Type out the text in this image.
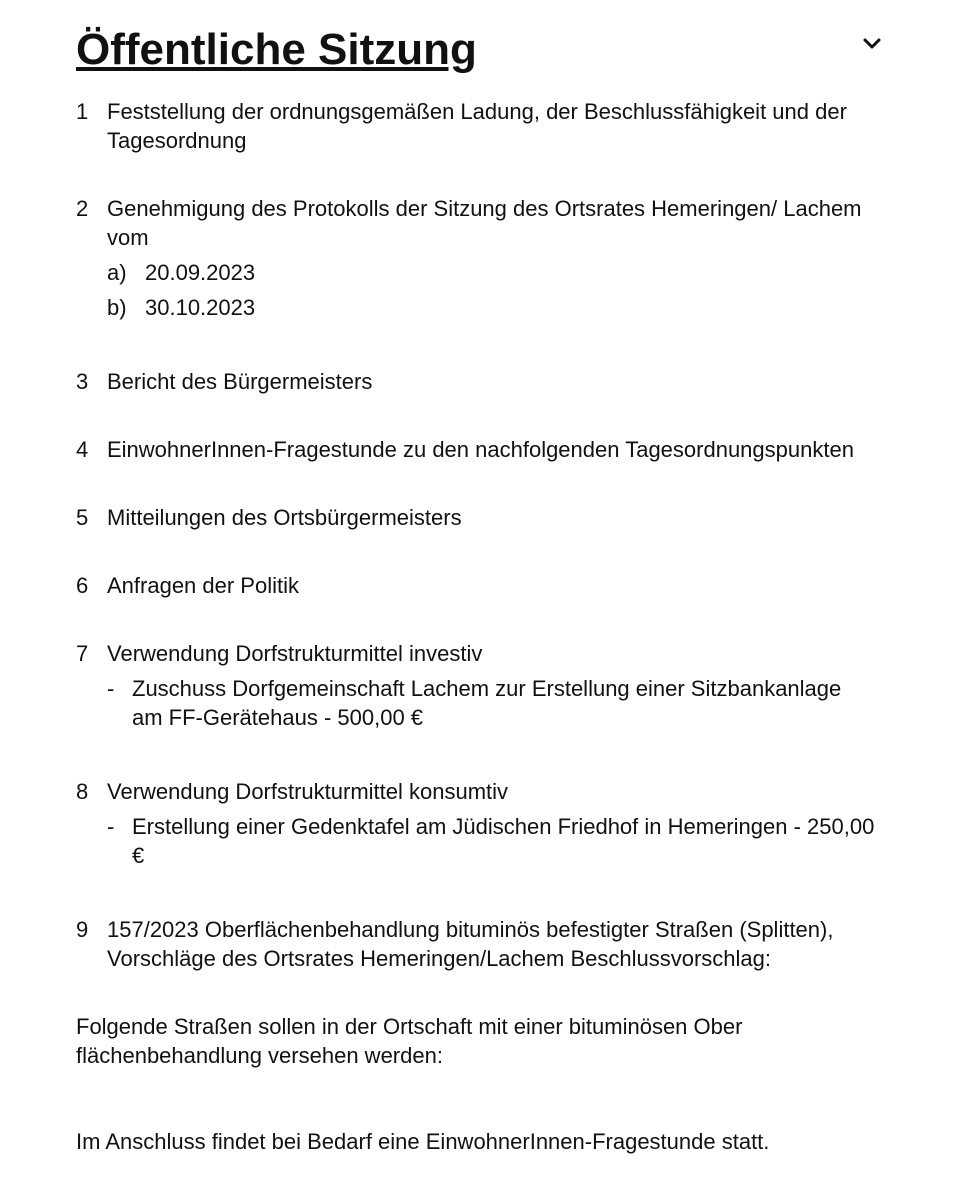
Öffentliche Sitzung
1 Feststellung der ordnungsgemäßen Ladung, der Beschlussfähigkeit und der Tagesordnung
2 Genehmigung des Protokolls der Sitzung des Ortsrates Hemeringen/ Lachem vom
a) 20.09.2023
b) 30.10.2023
3 Bericht des Bürgermeisters
4 EinwohnerInnen-Fragestunde zu den nachfolgenden Tagesordnungspunkten
5 Mitteilungen des Ortsbürgermeisters
6 Anfragen der Politik
7 Verwendung Dorfstrukturmittel investiv
- Zuschuss Dorfgemeinschaft Lachem zur Erstellung einer Sitzbankanlage am FF-Gerätehaus - 500,00 €
8 Verwendung Dorfstrukturmittel konsumtiv
- Erstellung einer Gedenktafel am Jüdischen Friedhof in Hemeringen - 250,00 €
9 157/2023 Oberflächenbehandlung bituminös befestigter Straßen (Splitten), Vorschläge des Ortsrates Hemeringen/Lachem Beschlussvorschlag:

Folgende Straßen sollen in der Ortschaft mit einer bituminösen Ober flächenbehandlung versehen werden:

Im Anschluss findet bei Bedarf eine EinwohnerInnen-Fragestunde statt.
